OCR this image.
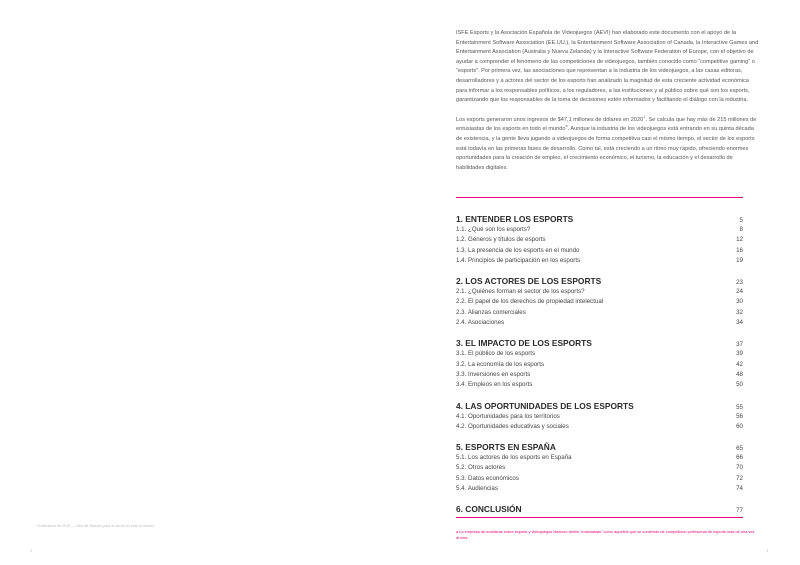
* Estimación de 2019 — Cifra de Newzoo para el sector en todo el mundo
2

ISFE Esports y la Asociación Española de Videojuegos (AEVI) han elaborado este documento con el apoyo de la Entertainment Software Association (EE.UU.), la Entertainment Software Association of Canada, la Interactive Games and Entertainment Association (Australia y Nueva Zelanda) y la Interactive Software Federation of Europe, con el objetivo de ayudar a comprender el fenómeno de las competiciones de videojuegos, también conocido como “competitive gaming” o “esports”. Por primera vez, las asociaciones que representan a la industria de los videojuegos, a las casas editoras, desarrolladores y a actores del sector de los esports han analizado la magnitud de esta creciente actividad económica para informar a los responsables políticos, a los reguladores, a las instituciones y al público sobre qué son los esports, garantizando que los responsables de la toma de decisiones estén informados y facilitando el diálogo con la industria.

Los esports generaron unos ingresos de $47,1 millones de dólares en 2020$^1$. Se calcula que hay más de 215 millones de entusiastas de los esports en todo el mundo$^a$. Aunque la industria de los videojuegos está entrando en su quinta década de existencia, y la gente lleva jugando a videojuegos de forma competitiva casi el mismo tiempo, el sector de los esports está todavía en las primeras fases de desarrollo. Como tal, está creciendo a un ritmo muy rápido, ofreciendo enormes oportunidades para la creación de empleo, el crecimiento económico, el turismo, la educación y el desarrollo de habilidades digitales.

1. ENTENDER LOS ESPORTS	5
1.1. ¿Qué son los esports?	8
1.2. Géneros y títulos de esports	12
1.3. La presencia de los esports en el mundo	16
1.4. Principios de participación en los esports	19
2. LOS ACTORES DE LOS ESPORTS	23
2.1. ¿Quiénes forman el sector de los esports?	24
2.2. El papel de los derechos de propiedad intelectual	30
2.3. Alianzas comerciales	32
2.4. Asociaciones	34
3. EL IMPACTO DE LOS ESPORTS	37
3.1. El público de los esports	39
3.2. La economía de los esports	42
3.3. Inversiones en esports	48
3.4. Empleos en los esports	50
4. LAS OPORTUNIDADES DE LOS ESPORTS	55
4.1. Oportunidades para los territorios	56
4.2. Oportunidades educativas y sociales	60
5. ESPORTS EN ESPAÑA	65
5.1. Los actores de los esports en España	66
5.2. Otros actores	70
5.3. Datos económicos	72
5.4. Audiencias	74
6. CONCLUSIÓN	77
a La empresa de analíticas sobre esports y videojuegos Newzoo define “entusiastas” como aquellos que ve contenido de competición profesional de esports más de una vez al mes.
3
